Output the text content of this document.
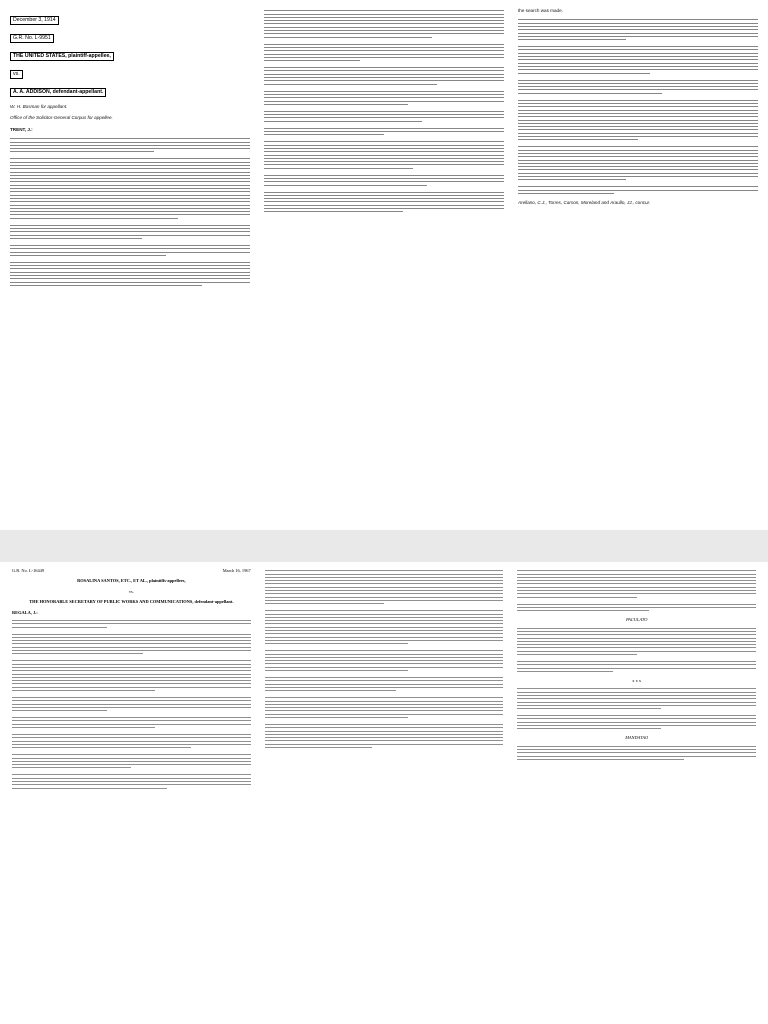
December 3, 1914
G.R. No. L-9951
THE UNITED STATES, plaintiff-appellee,
vs.
A. A. ADDISON, defendant-appellant.

W. H. Bosman for appellant.

Office of the Solicitor-General Corpus for appellee.

TRENT, J.:

the search was made.

Arellano, C.J., Torres, Carson, Moreland and Araullo, JJ., concur.

G.R. No. L-16449	March 16, 1967

ROSALINA SANTOS, ETC., ET AL., plaintiffs-appellees,

vs.

THE HONORABLE SECRETARY OF PUBLIC WORKS AND COMMUNICATIONS, defendant-appellant.

REGALA, J.:

PACULATO

x x x

MANDATAO
